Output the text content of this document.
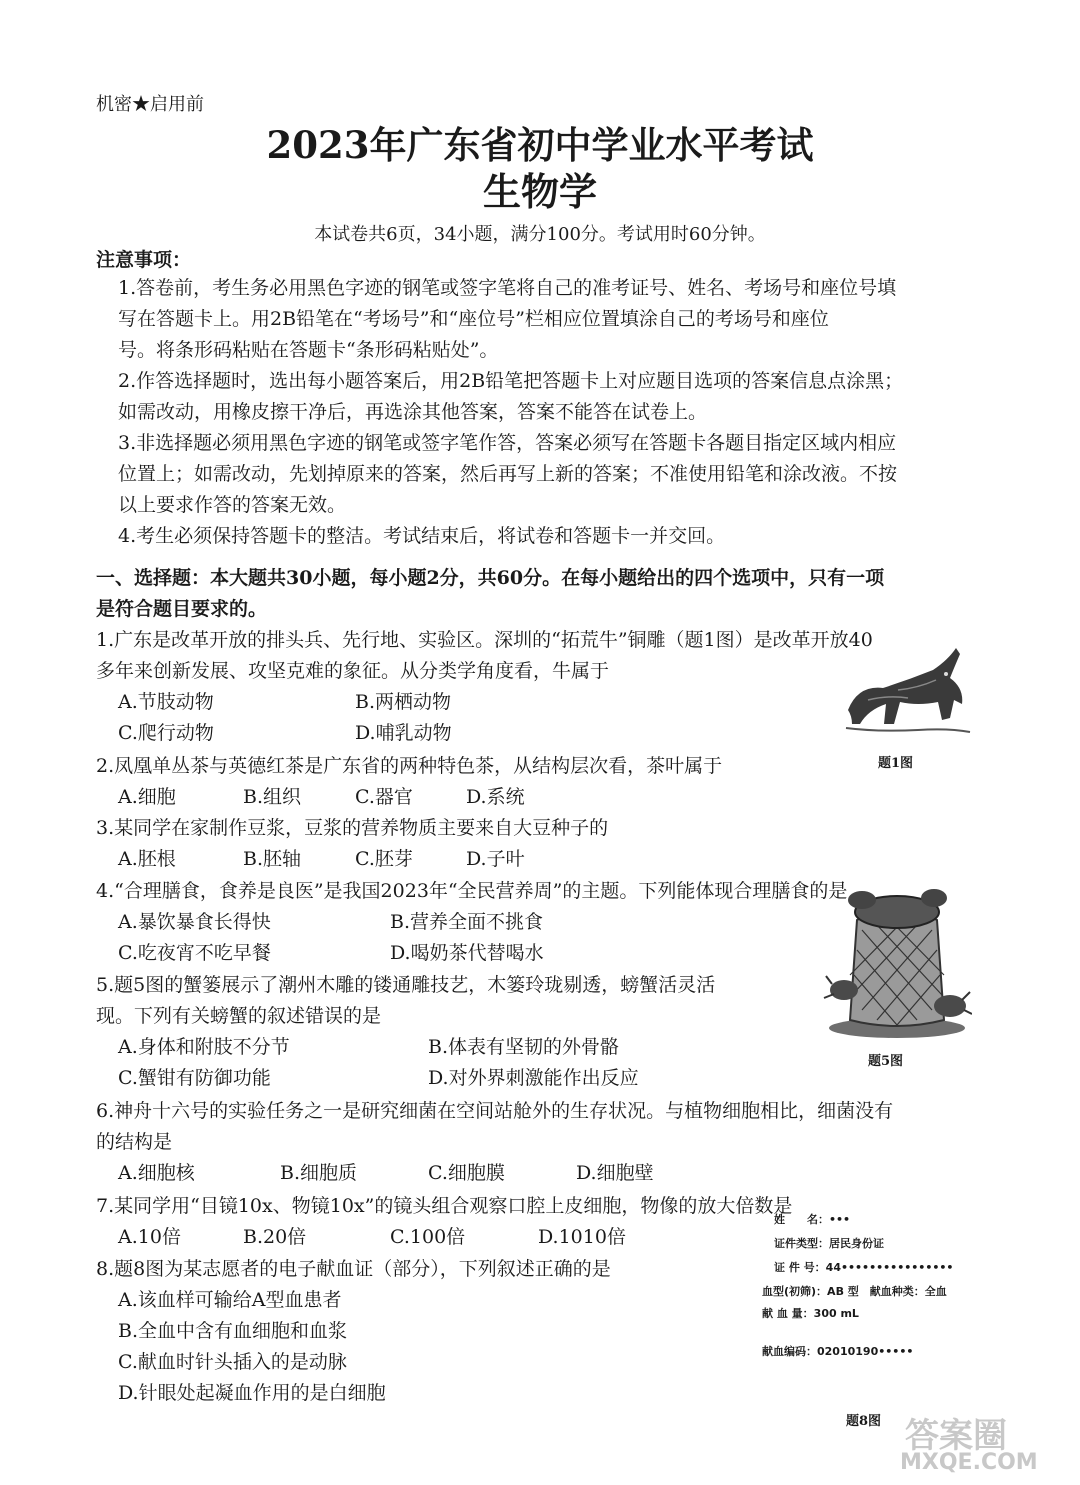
机密★启用前
2023年广东省初中学业水平考试
生物学
本试卷共6页，34小题，满分100分。考试用时60分钟。
注意事项：
1.答卷前，考生务必用黑色字迹的钢笔或签字笔将自己的准考证号、姓名、考场号和座位号填
写在答题卡上。用2B铅笔在“考场号”和“座位号”栏相应位置填涂自己的考场号和座位
号。将条形码粘贴在答题卡“条形码粘贴处”。
2.作答选择题时，选出每小题答案后，用2B铅笔把答题卡上对应题目选项的答案信息点涂黑；
如需改动，用橡皮擦干净后，再选涂其他答案，答案不能答在试卷上。
3.非选择题必须用黑色字迹的钢笔或签字笔作答，答案必须写在答题卡各题目指定区域内相应
位置上；如需改动，先划掉原来的答案，然后再写上新的答案；不准使用铅笔和涂改液。不按
以上要求作答的答案无效。
4.考生必须保持答题卡的整洁。考试结束后，将试卷和答题卡一并交回。
一、选择题：本大题共30小题，每小题2分，共60分。在每小题给出的四个选项中，只有一项
是符合题目要求的。
1.广东是改革开放的排头兵、先行地、实验区。深圳的“拓荒牛”铜雕（题1图）是改革开放40
多年来创新发展、攻坚克难的象征。从分类学角度看，牛属于
A.节肢动物	B.两栖动物
C.爬行动物	D.哺乳动物
2.凤凰单丛茶与英德红茶是广东省的两种特色茶，从结构层次看，茶叶属于
A.细胞	B.组织	C.器官	D.系统
3.某同学在家制作豆浆，豆浆的营养物质主要来自大豆种子的
A.胚根	B.胚轴	C.胚芽	D.子叶
4.“合理膳食，食养是良医”是我国2023年“全民营养周”的主题。下列能体现合理膳食的是
A.暴饮暴食长得快	B.营养全面不挑食
C.吃夜宵不吃早餐	D.喝奶茶代替喝水
5.题5图的蟹篓展示了潮州木雕的镂通雕技艺，木篓玲珑剔透，螃蟹活灵活
现。下列有关螃蟹的叙述错误的是
A.身体和附肢不分节	B.体表有坚韧的外骨骼
C.蟹钳有防御功能	D.对外界刺激能作出反应
6.神舟十六号的实验任务之一是研究细菌在空间站舱外的生存状况。与植物细胞相比，细菌没有
的结构是
A.细胞核	B.细胞质	C.细胞膜	D.细胞壁
7.某同学用“目镜10x、物镜10x”的镜头组合观察口腔上皮细胞，物像的放大倍数是
A.10倍	B.20倍	C.100倍	D.1010倍
8.题8图为某志愿者的电子献血证（部分），下列叙述正确的是
A.该血样可输给A型血患者
B.全血中含有血细胞和血浆
C.献血时针头插入的是动脉
D.针眼处起凝血作用的是白细胞
题1图
题5图
姓　　名：•••
证件类型：居民身份证
证 件 号：44••••••••••••••••
血型(初筛)：AB 型　献血种类：全血
献 血 量：300 mL
献血编码：02010190•••••
题8图 答案圈
MXQE.COM
